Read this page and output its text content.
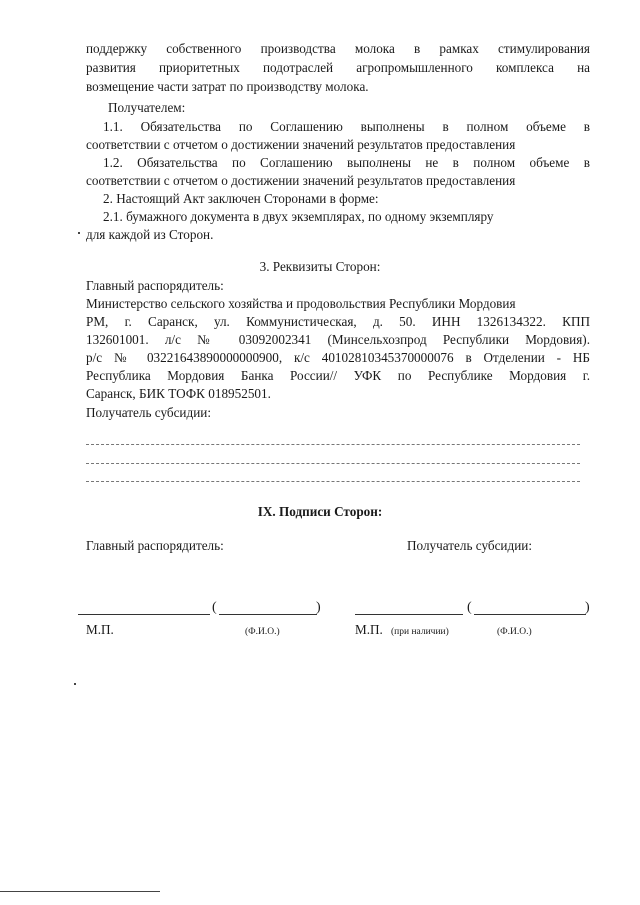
поддержку собственного производства молока в рамках стимулирования
развития приоритетных подотраслей агропромышленного комплекса на
возмещение части затрат по производству молока.
Получателем:
1.1. Обязательства по Соглашению выполнены в полном объеме в
соответствии с отчетом о достижении значений результатов предоставления
1.2. Обязательства по Соглашению выполнены не в полном объеме в
соответствии с отчетом о достижении значений результатов предоставления
2. Настоящий Акт заключен Сторонами в форме:
2.1. бумажного документа в двух экземплярах, по одному экземпляру
для каждой из Сторон.
3. Реквизиты Сторон:
Главный распорядитель:
Министерство сельского хозяйства и продовольствия Республики Мордовия
РМ, г. Саранск, ул. Коммунистическая, д. 50. ИНН 1326134322. КПП
132601001. л/с № 03092002341 (Минсельхозпрод Республики Мордовия).
р/с № 03221643890000000900, к/с 40102810345370000076 в Отделении - НБ
Республика Мордовия Банка России// УФК по Республике Мордовия г.
Саранск, БИК ТОФК 018952501.
Получатель субсидии:
IX. Подписи Сторон:
Главный распорядитель:	Получатель субсидии:
(	)	(	)
М.П.	(Ф.И.О.)	М.П. (при наличии)	(Ф.И.О.)
